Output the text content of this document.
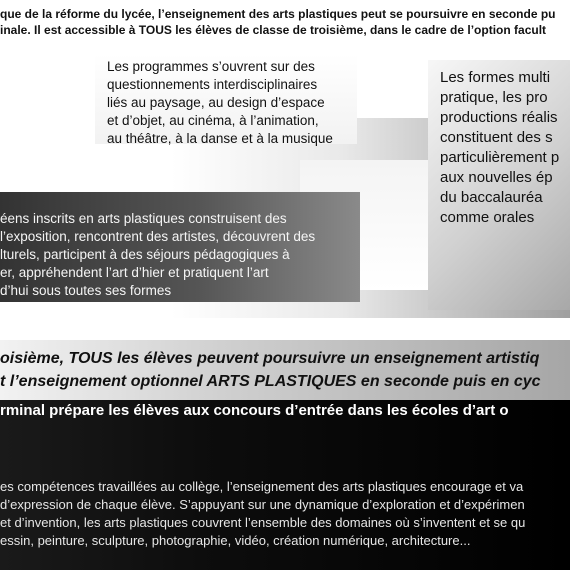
que de la réforme du lycée, l’enseignement des arts plastiques peut se poursuivre en seconde pu
inale. Il est accessible à TOUS les élèves de classe de troisième, dans le cadre de l’option facult
Les programmes s’ouvrent sur des
questionnements interdisciplinaires
liés au paysage, au design d’espace
et d’objet, au cinéma, à l’animation,
au théâtre, à la danse et à la musique
éens inscrits en arts plastiques construisent des
l’exposition, rencontrent des artistes, découvrent des
lturels, participent à des séjours pédagogiques à
er, appréhendent l’art d’hier et pratiquent l’art
d’hui sous toutes ses formes
Les formes multi
pratique, les pro
productions réalis
constituent des s
particulièrement p
aux nouvelles ép
du baccalauréa
comme orales
oisième, TOUS les élèves peuvent poursuivre un enseignement artistiq
t l’enseignement optionnel ARTS PLASTIQUES en seconde puis en cyc
rminal prépare les élèves aux concours d’entrée dans les écoles d’art o
es compétences travaillées au collège, l’enseignement des arts plastiques encourage et va
d’expression de chaque élève. S’appuyant sur une dynamique d’exploration et d’expérimen
et d’invention, les arts plastiques couvrent l’ensemble des domaines où s’inventent et se qu
essin, peinture, sculpture, photographie, vidéo, création numérique, architecture...
